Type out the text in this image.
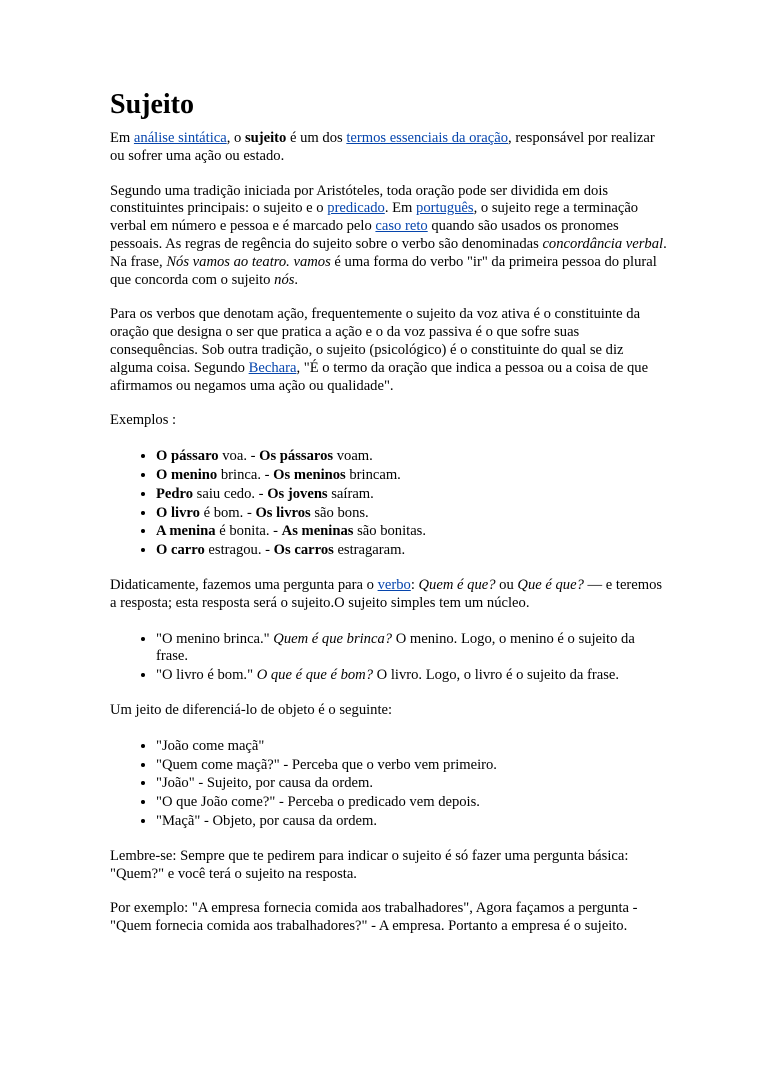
Sujeito

Em análise sintática, o sujeito é um dos termos essenciais da oração, responsável por realizar ou sofrer uma ação ou estado.

Segundo uma tradição iniciada por Aristóteles, toda oração pode ser dividida em dois constituintes principais: o sujeito e o predicado. Em português, o sujeito rege a terminação verbal em número e pessoa e é marcado pelo caso reto quando são usados os pronomes pessoais. As regras de regência do sujeito sobre o verbo são denominadas concordância verbal. Na frase, Nós vamos ao teatro. vamos é uma forma do verbo "ir" da primeira pessoa do plural que concorda com o sujeito nós.

Para os verbos que denotam ação, frequentemente o sujeito da voz ativa é o constituinte da oração que designa o ser que pratica a ação e o da voz passiva é o que sofre suas consequências. Sob outra tradição, o sujeito (psicológico) é o constituinte do qual se diz alguma coisa. Segundo Bechara, "É o termo da oração que indica a pessoa ou a coisa de que afirmamos ou negamos uma ação ou qualidade".

Exemplos :

• O pássaro voa. - Os pássaros voam.
• O menino brinca. - Os meninos brincam.
• Pedro saiu cedo. - Os jovens saíram.
• O livro é bom. - Os livros são bons.
• A menina é bonita. - As meninas são bonitas.
• O carro estragou. - Os carros estragaram.

Didaticamente, fazemos uma pergunta para o verbo: Quem é que? ou Que é que? — e teremos a resposta; esta resposta será o sujeito.O sujeito simples tem um núcleo.

• "O menino brinca." Quem é que brinca? O menino. Logo, o menino é o sujeito da frase.
• "O livro é bom." O que é que é bom? O livro. Logo, o livro é o sujeito da frase.

Um jeito de diferenciá-lo de objeto é o seguinte:

• "João come maçã"
• "Quem come maçã?" - Perceba que o verbo vem primeiro.
• "João" - Sujeito, por causa da ordem.
• "O que João come?" - Perceba o predicado vem depois.
• "Maçã" - Objeto, por causa da ordem.

Lembre-se: Sempre que te pedirem para indicar o sujeito é só fazer uma pergunta básica: "Quem?" e você terá o sujeito na resposta.

Por exemplo: "A empresa fornecia comida aos trabalhadores", Agora façamos a pergunta - "Quem fornecia comida aos trabalhadores?" - A empresa. Portanto a empresa é o sujeito.
